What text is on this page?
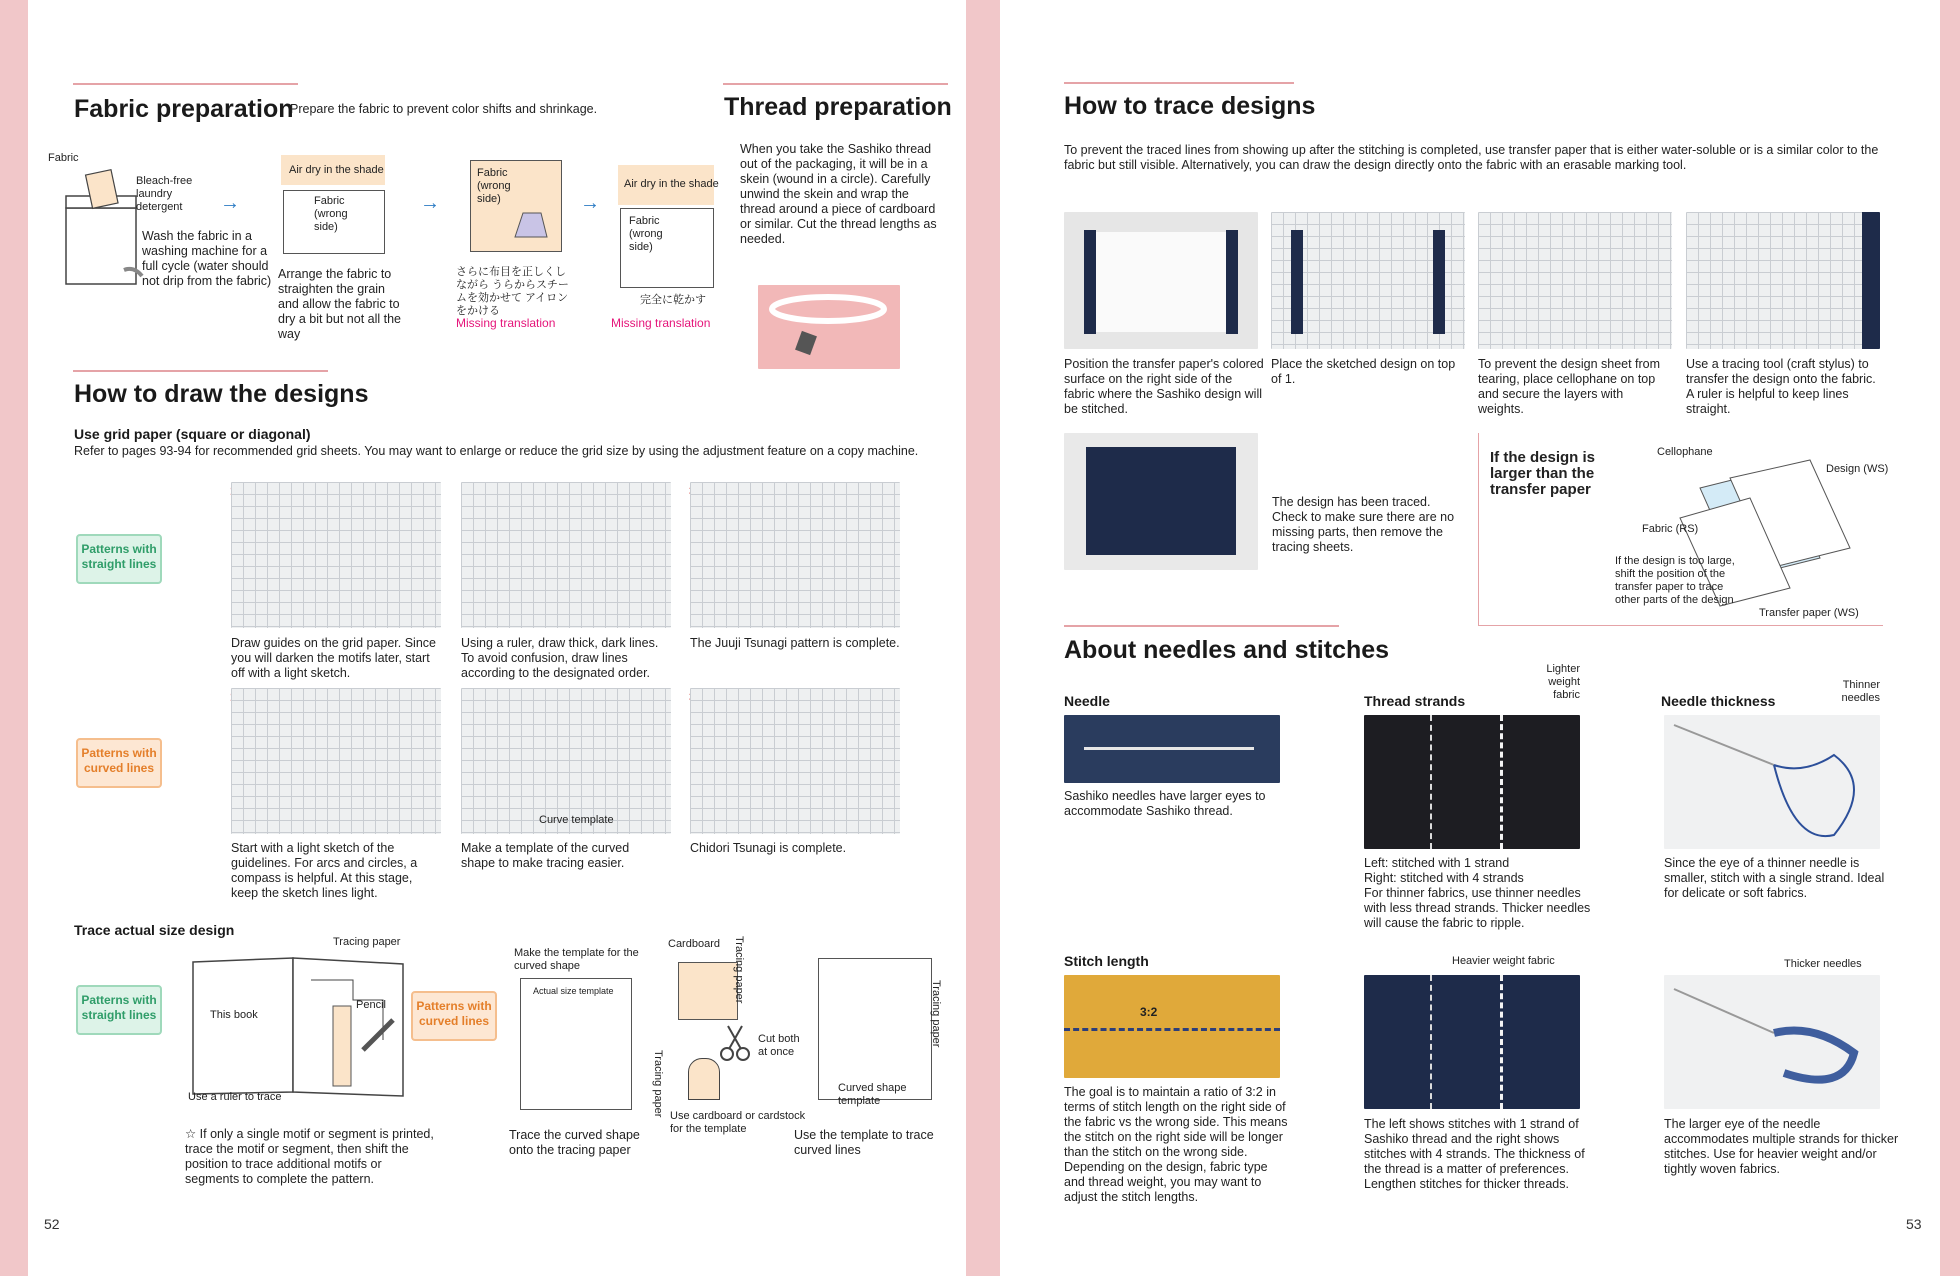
Fabric preparation
Prepare the fabric to prevent color shifts and shrinkage.
Fabric
Bleach-free laundry detergent
Wash the fabric in a washing machine for a full cycle (water should not drip from the fabric)
→
Air dry in the shade
Fabric (wrong side)
Arrange the fabric to straighten the grain and allow the fabric to dry a bit but not all the way
→
Fabric (wrong side)
さらに布目を正しくしながら うらからスチームを効かせて アイロンをかける
Missing translation
→
Air dry in the shade
Fabric (wrong side)
完全に乾かす
Missing translation
Thread preparation
When you take the Sashiko thread out of the packaging, it will be in a skein (wound in a circle). Carefully unwind the skein and wrap the thread around a piece of cardboard or similar. Cut the thread lengths as needed.
How to draw the designs
Use grid paper (square or diagonal)
Refer to pages 93-94 for recommended grid sheets. You may want to enlarge or reduce the grid size by using the adjustment feature on a copy machine.
Patterns with straight lines
Draw guides on the grid paper. Since you will darken the motifs later, start off with a light sketch.
Using a ruler, draw thick, dark lines. To avoid confusion, draw lines according to the designated order.
The Juuji Tsunagi pattern is complete.
Patterns with curved lines
Start with a light sketch of the guidelines. For arcs and circles, a compass is helpful. At this stage, keep the sketch lines light.
Curve template
Make a template of the curved shape to make tracing easier.
Chidori Tsunagi is complete.
Trace actual size design
Patterns with straight lines
Tracing paper
This book
Pencil
Use a ruler to trace
☆ If only a single motif or segment is printed, trace the motif or segment, then shift the position to trace additional motifs or segments to complete the pattern.
Patterns with curved lines
Make the template for the curved shape
Actual size template
Tracing paper
Trace the curved shape onto the tracing paper
Cardboard Tracing paper
Cut both at once
Use cardboard or cardstock for the template
Tracing paper
Curved shape template
Use the template to trace curved lines
52
How to trace designs
To prevent the traced lines from showing up after the stitching is completed, use transfer paper that is either water-soluble or is a similar color to the fabric but still visible. Alternatively, you can draw the design directly onto the fabric with an erasable marking tool.
Position the transfer paper's colored surface on the right side of the fabric where the Sashiko design will be stitched.
Place the sketched design on top of 1.
To prevent the design sheet from tearing, place cellophane on top and secure the layers with weights.
Use a tracing tool (craft stylus) to transfer the design onto the fabric. A ruler is helpful to keep lines straight.
The design has been traced. Check to make sure there are no missing parts, then remove the tracing sheets.
If the design is larger than the transfer paper
Cellophane
Design (WS)
Fabric (RS)
If the design is too large, shift the position of the transfer paper to trace other parts of the design
Transfer paper (WS)
About needles and stitches
Needle
Sashiko needles have larger eyes to accommodate Sashiko thread.
Thread strands
Lighter weight fabric
Left: stitched with 1 strand
Right: stitched with 4 strands
For thinner fabrics, use thinner needles with less thread strands. Thicker needles will cause the fabric to ripple.
Needle thickness
Thinner needles
Since the eye of a thinner needle is smaller, stitch with a single strand. Ideal for delicate or soft fabrics.
Stitch length
3:2
The goal is to maintain a ratio of 3:2 in terms of stitch length on the right side of the fabric vs the wrong side. This means the stitch on the right side will be longer than the stitch on the wrong side. Depending on the design, fabric type and thread weight, you may want to adjust the stitch lengths.
Heavier weight fabric
The left shows stitches with 1 strand of Sashiko thread and the right shows stitches with 4 strands. The thickness of the thread is a matter of preferences. Lengthen stitches for thicker threads.
Thicker needles
The larger eye of the needle accommodates multiple strands for thicker stitches. Use for heavier weight and/or tightly woven fabrics.
53
